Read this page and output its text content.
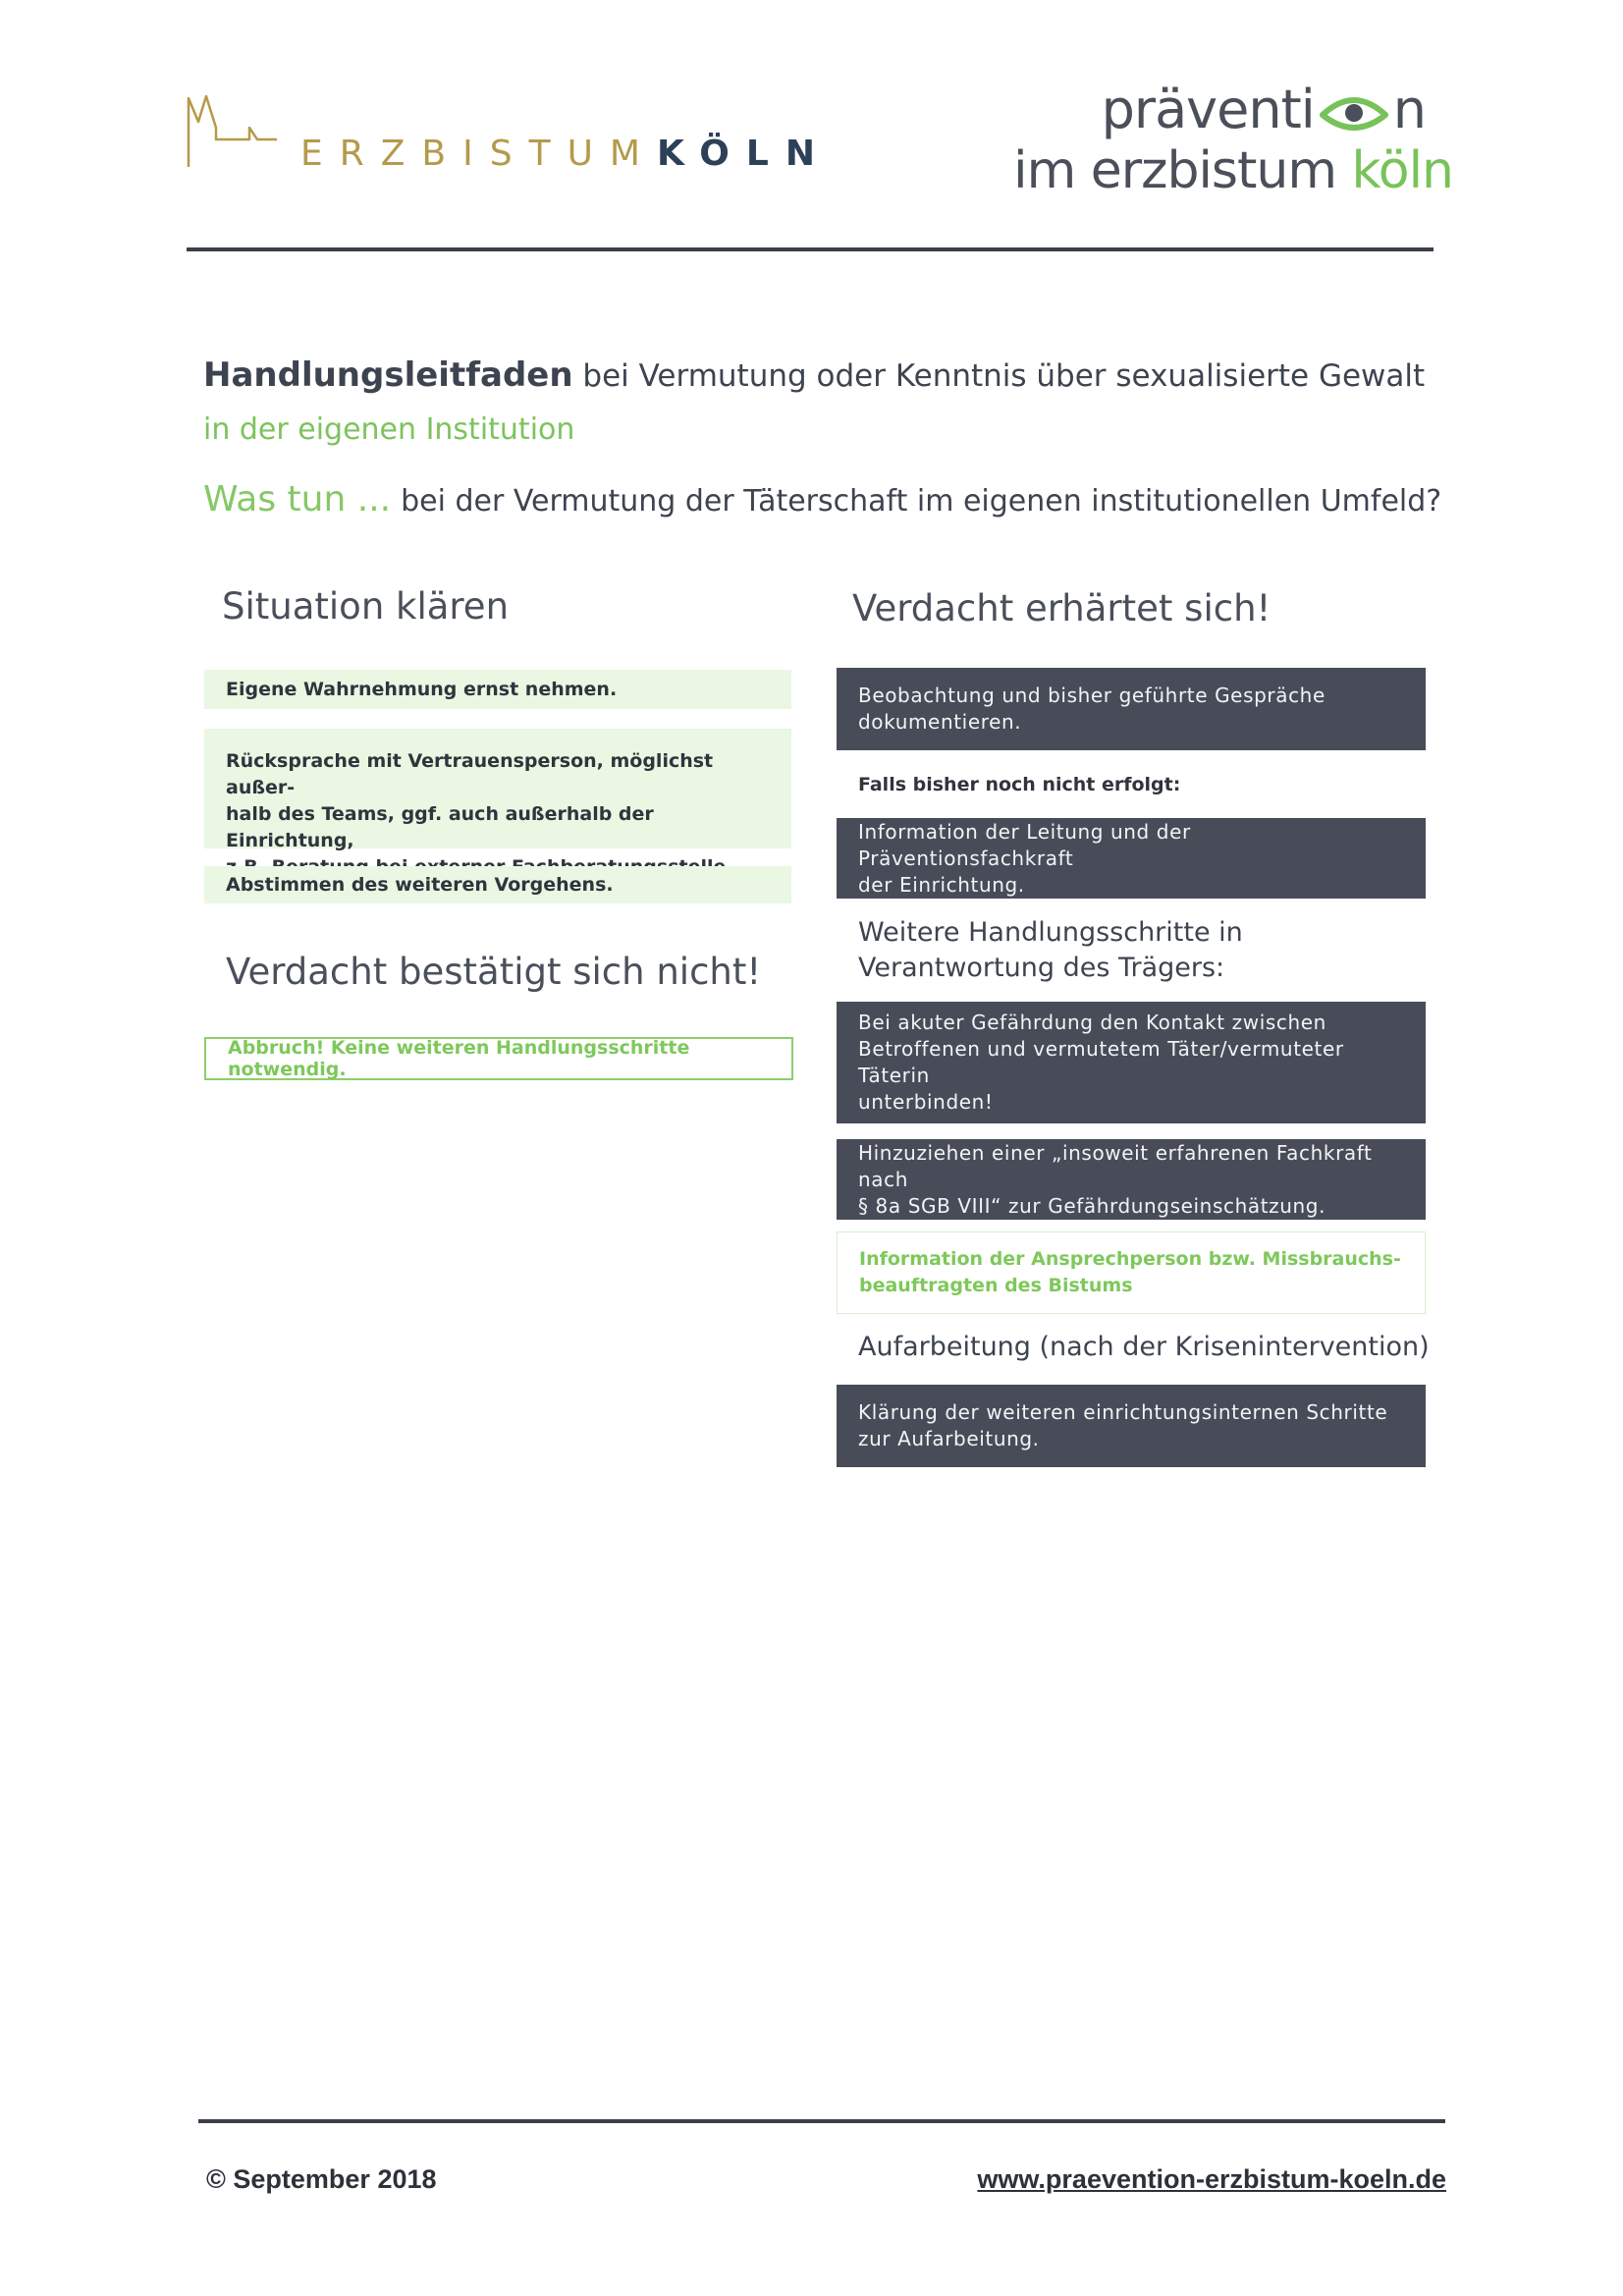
ERZBISTUMKÖLN
präventi n
im erzbistum köln
Handlungsleitfaden bei Vermutung oder Kenntnis über sexualisierte Gewalt
in der eigenen Institution
Was tun ... bei der Vermutung der Täterschaft im eigenen institutionellen Umfeld?
Situation klären
Eigene Wahrnehmung ernst nehmen.
Rücksprache mit Vertrauensperson, möglichst außer-
halb des Teams, ggf. auch außerhalb der Einrichtung,
Abstimmen des weiteren Vorgehens.
Verdacht bestätigt sich nicht!
Abbruch! Keine weiteren Handlungsschritte notwendig.
Verdacht erhärtet sich!
Beobachtung und bisher geführte Gespräche
dokumentieren.
Falls bisher noch nicht erfolgt:
Information der Leitung und der Präventionsfachkraft
der Einrichtung.
Weitere Handlungsschritte in
Verantwortung des Trägers:
Bei akuter Gefährdung den Kontakt zwischen
Betroffenen und vermutetem Täter/vermuteter Täterin
unterbinden!
Hinzuziehen einer „insoweit erfahrenen Fachkraft nach
§ 8a SGB VIII“ zur Gefährdungseinschätzung.
Information der Ansprechperson bzw. Missbrauchs-
beauftragten des Bistums
Aufarbeitung (nach der Krisenintervention)
Klärung der weiteren einrichtungsinternen Schritte
zur Aufarbeitung.
© September 2018	www.praevention-erzbistum-koeln.de
